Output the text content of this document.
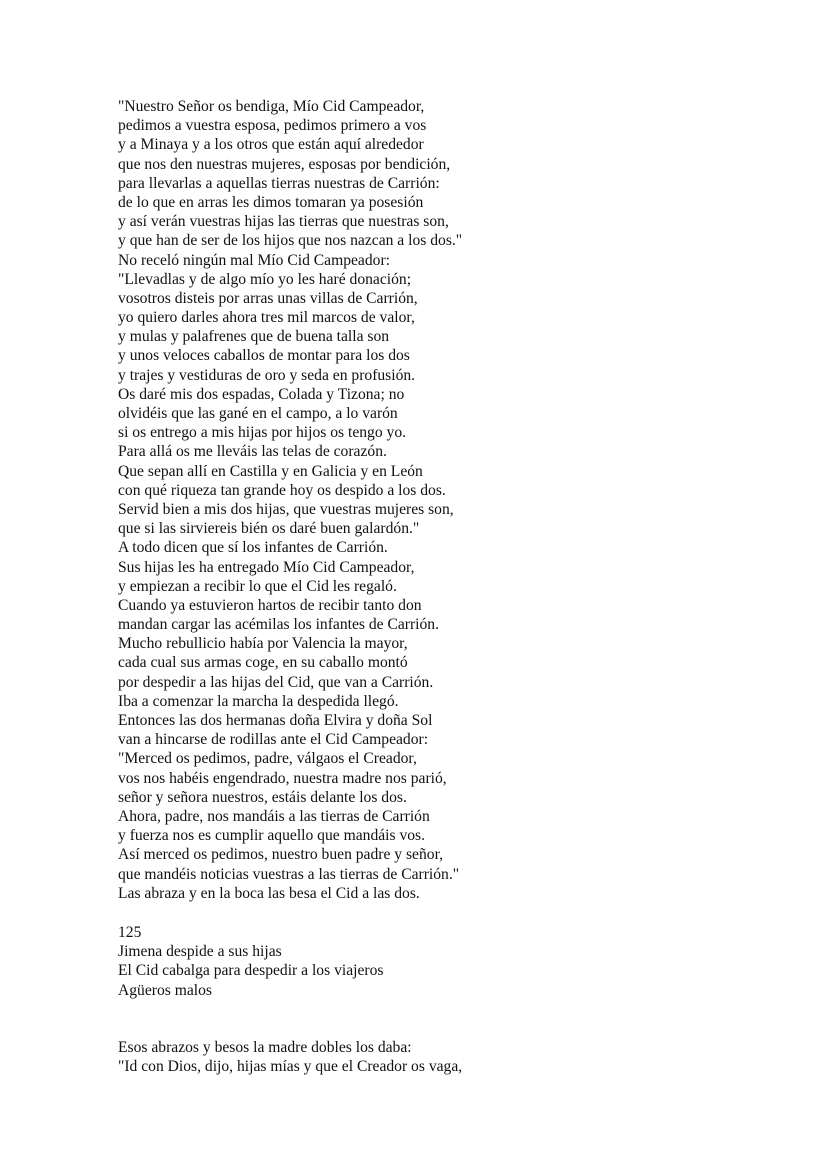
"Nuestro Señor os bendiga, Mío Cid Campeador,
pedimos a vuestra esposa, pedimos primero a vos
y a Minaya y a los otros que están aquí alrededor
que nos den nuestras mujeres, esposas por bendición,
para llevarlas a aquellas tierras nuestras de Carrión:
de lo que en arras les dimos tomaran ya posesión
y así verán vuestras hijas las tierras que nuestras son,
y que han de ser de los hijos que nos nazcan a los dos."
No receló ningún mal Mío Cid Campeador:
"Llevadlas y de algo mío yo les haré donación;
vosotros disteis por arras unas villas de Carrión,
yo quiero darles ahora tres mil marcos de valor,
y mulas y palafrenes que de buena talla son
y unos veloces caballos de montar para los dos
y trajes y vestiduras de oro y seda en profusión.
Os daré mis dos espadas, Colada y Tizona; no
olvidéis que las gané en el campo, a lo varón
si os entrego a mis hijas por hijos os tengo yo.
Para allá os me lleváis las telas de corazón.
Que sepan allí en Castilla y en Galicia y en León
con qué riqueza tan grande hoy os despido a los dos.
Servid bien a mis dos hijas, que vuestras mujeres son,
que si las sirviereis bién os daré buen galardón."
A todo dicen que sí los infantes de Carrión.
Sus hijas les ha entregado Mío Cid Campeador,
y empiezan a recibir lo que el Cid les regaló.
Cuando ya estuvieron hartos de recibir tanto don
mandan cargar las acémilas los infantes de Carrión.
Mucho rebullicio había por Valencia la mayor,
cada cual sus armas coge, en su caballo montó
por despedir a las hijas del Cid, que van a Carrión.
Iba a comenzar la marcha la despedida llegó.
Entonces las dos hermanas doña Elvira y doña Sol
van a hincarse de rodillas ante el Cid Campeador:
"Merced os pedimos, padre, válgaos el Creador,
vos nos habéis engendrado, nuestra madre nos parió,
señor y señora nuestros, estáis delante los dos.
Ahora, padre, nos mandáis a las tierras de Carrión
y fuerza nos es cumplir aquello que mandáis vos.
Así merced os pedimos, nuestro buen padre y señor,
que mandéis noticias vuestras a las tierras de Carrión."
Las abraza y en la boca las besa el Cid a las dos.
125
Jimena despide a sus hijas
El Cid cabalga para despedir a los viajeros
Agüeros malos
Esos abrazos y besos la madre dobles los daba:
"Id con Dios, dijo, hijas mías y que el Creador os vaga,
